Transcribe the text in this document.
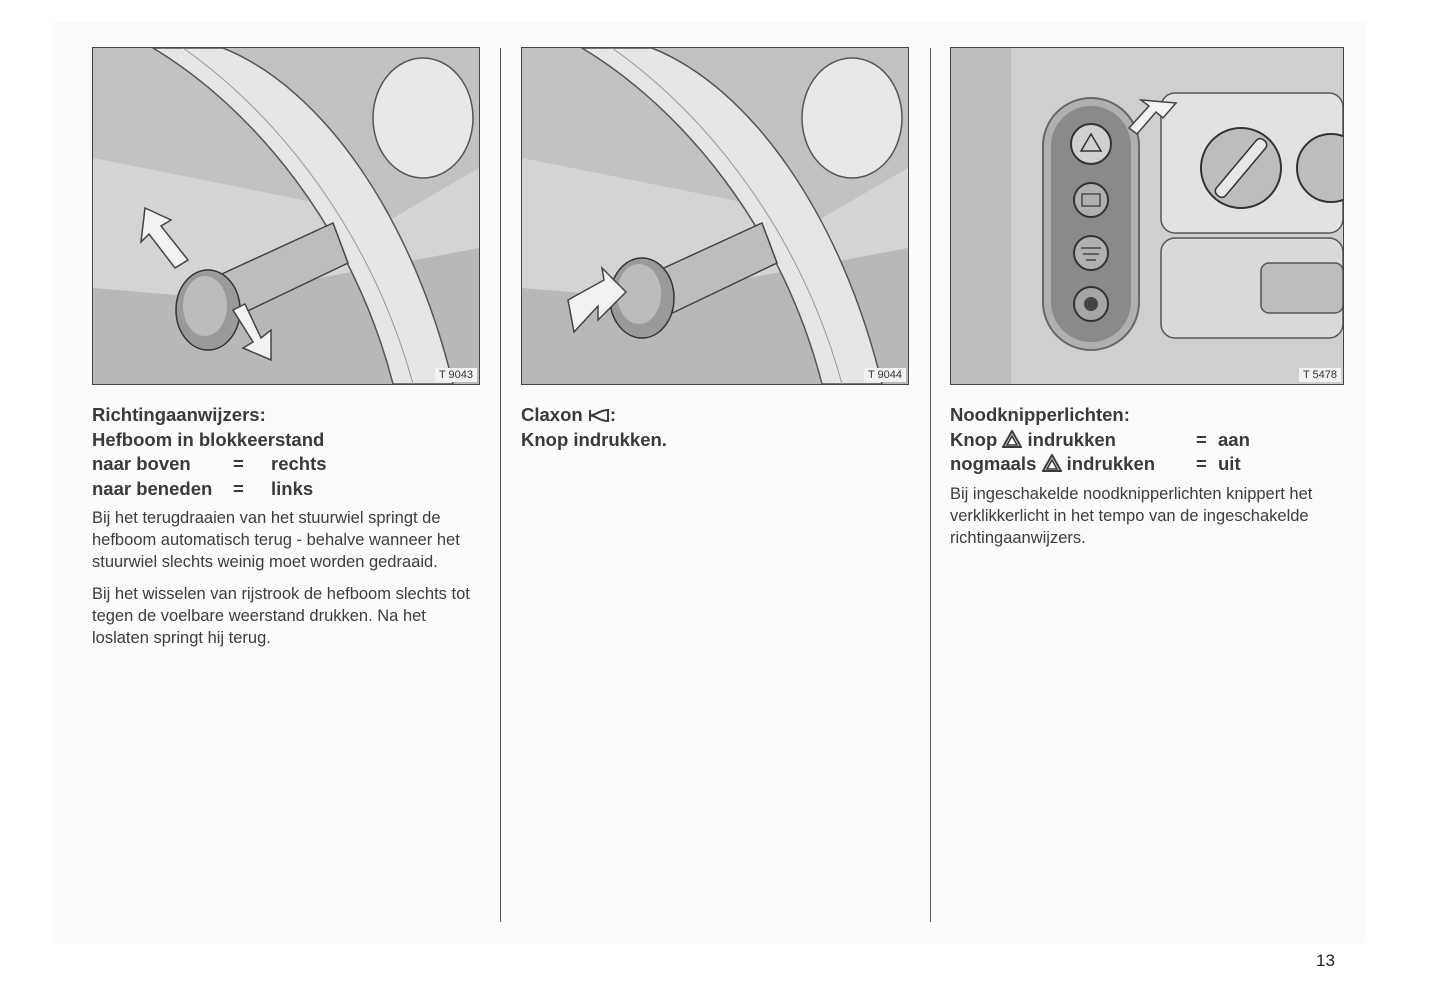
T 9043
Richtingaanwijzers:
Hefboom in blokkeerstand
naar boven	=	rechts
naar beneden	=	links

Bij het terugdraaien van het stuurwiel springt de hefboom automatisch terug - behalve wanneer het stuurwiel slechts weinig moet worden gedraaid.

Bij het wisselen van rijstrook de hefboom slechts tot tegen de voelbare weerstand drukken. Na het loslaten springt hij terug.

T 9044
Claxon :
Knop indrukken.
T 5478
Noodknipperlichten:
Knop indrukken	= aan
nogmaals indrukken	= uit

Bij ingeschakelde noodknipperlichten knippert het verklikkerlicht in het tempo van de ingeschakelde richtingaanwijzers.

13
